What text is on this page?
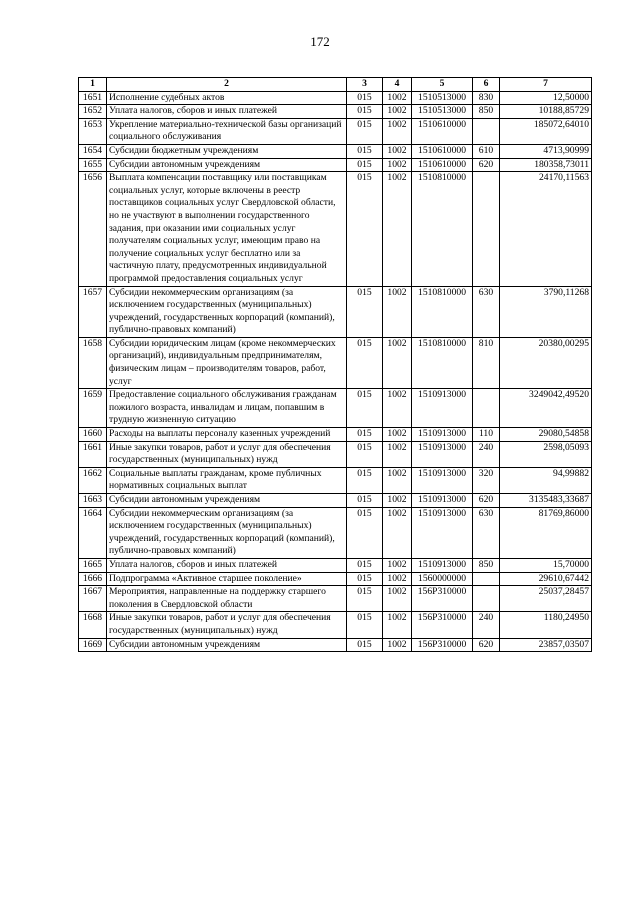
172
1	2	3	4	5	6	7
1651	Исполнение судебных актов	015	1002	1510513000	830	12,50000
1652	Уплата налогов, сборов и иных платежей	015	1002	1510513000	850	10188,85729
1653	Укрепление материально-технической базы организаций социального обслуживания	015	1002	1510610000		185072,64010
1654	Субсидии бюджетным учреждениям	015	1002	1510610000	610	4713,90999
1655	Субсидии автономным учреждениям	015	1002	1510610000	620	180358,73011
1656	Выплата компенсации поставщику или поставщикам социальных услуг, которые включены в реестр поставщиков социальных услуг Свердловской области, но не участвуют в выполнении государственного задания, при оказании ими социальных услуг получателям социальных услуг, имеющим право на получение социальных услуг бесплатно или за частичную плату, предусмотренных индивидуальной программой предоставления социальных услуг	015	1002	1510810000		24170,11563
1657	Субсидии некоммерческим организациям (за исключением государственных (муниципальных) учреждений, государственных корпораций (компаний), публично-правовых компаний)	015	1002	1510810000	630	3790,11268
1658	Субсидии юридическим лицам (кроме некоммерческих организаций), индивидуальным предпринимателям, физическим лицам – производителям товаров, работ, услуг	015	1002	1510810000	810	20380,00295
1659	Предоставление социального обслуживания гражданам пожилого возраста, инвалидам и лицам, попавшим в трудную жизненную ситуацию	015	1002	1510913000		3249042,49520
1660	Расходы на выплаты персоналу казенных учреждений	015	1002	1510913000	110	29080,54858
1661	Иные закупки товаров, работ и услуг для обеспечения государственных (муниципальных) нужд	015	1002	1510913000	240	2598,05093
1662	Социальные выплаты гражданам, кроме публичных нормативных социальных выплат	015	1002	1510913000	320	94,99882
1663	Субсидии автономным учреждениям	015	1002	1510913000	620	3135483,33687
1664	Субсидии некоммерческим организациям (за исключением государственных (муниципальных) учреждений, государственных корпораций (компаний), публично-правовых компаний)	015	1002	1510913000	630	81769,86000
1665	Уплата налогов, сборов и иных платежей	015	1002	1510913000	850	15,70000
1666	Подпрограмма «Активное старшее поколение»	015	1002	1560000000		29610,67442
1667	Мероприятия, направленные на поддержку старшего поколения в Свердловской области	015	1002	156P310000		25037,28457
1668	Иные закупки товаров, работ и услуг для обеспечения государственных (муниципальных) нужд	015	1002	156P310000	240	1180,24950
1669	Субсидии автономным учреждениям	015	1002	156P310000	620	23857,03507
